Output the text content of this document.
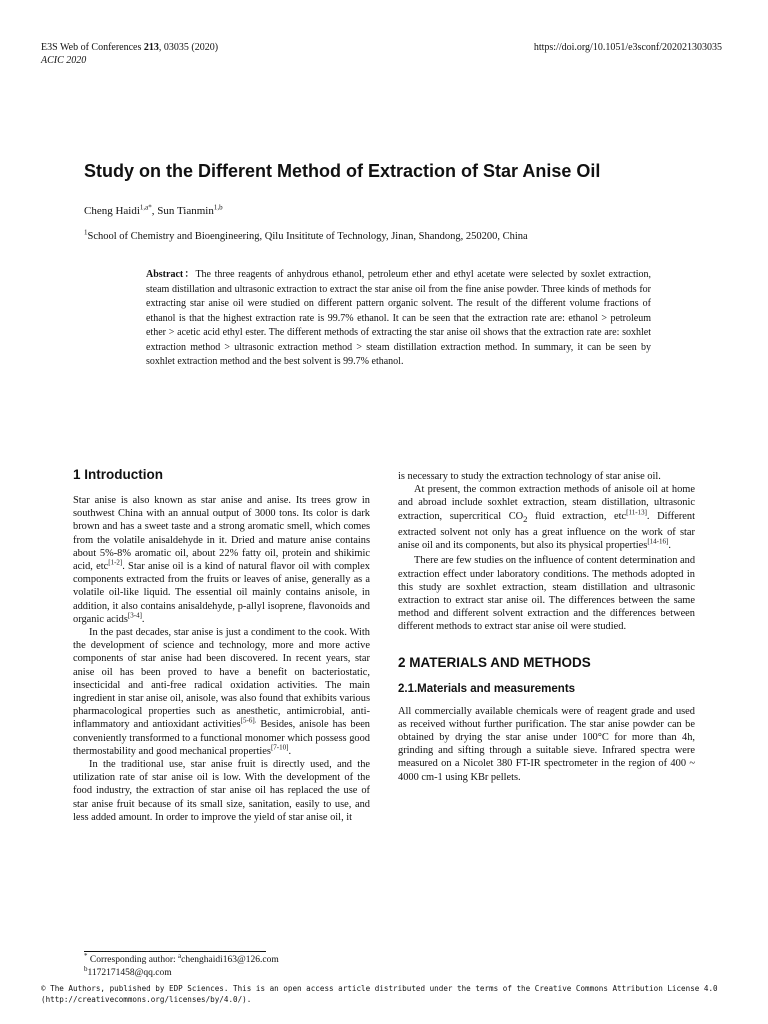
E3S Web of Conferences 213, 03035 (2020)
ACIC 2020
https://doi.org/10.1051/e3sconf/202021303035
Study on the Different Method of Extraction of Star Anise Oil
Cheng Haidi$^{1,a*}$, Sun Tianmin$^{1,b}$
$^1$School of Chemistry and Bioengineering, Qilu Insititute of Technology, Jinan, Shandong, 250200, China

Abstract：The three reagents of anhydrous ethanol, petroleum ether and ethyl acetate were selected by soxlet extraction, steam distillation and ultrasonic extraction to extract the star anise oil from the fine anise powder. Three kinds of methods for extracting star anise oil were studied on different pattern organic solvent. The result of the different volume fractions of ethanol is that the highest extraction rate is 99.7% ethanol. It can be seen that the extraction rate are: ethanol > petroleum ether > acetic acid ethyl ester. The different methods of extracting the star anise oil shows that the extraction rate are: soxhlet extraction method > ultrasonic extraction method > steam distillation extraction method. In summary, it can be seen by soxhlet extraction method and the best solvent is 99.7% ethanol.

1 Introduction

Star anise is also known as star anise and anise. Its trees grow in southwest China with an annual output of 3000 tons. Its color is dark brown and has a sweet taste and a strong aromatic smell, which comes from the volatile anisaldehyde in it. Dried and mature anise contains about 5%-8% aromatic oil, about 22% fatty oil, protein and shikimic acid, etc[1-2]. Star anise oil is a kind of natural flavor oil with complex components extracted from the fruits or leaves of anise, generally as a volatile oil-like liquid. The essential oil mainly contains anisole, in addition, it also contains anisaldehyde, p-allyl isoprene, flavonoids and organic acids[3-4].

In the past decades, star anise is just a condiment to the cook. With the development of science and technology, more and more active components of star anise had been discovered. In recent years, star anise oil has been proved to have a benefit on bacteriostatic, insecticidal and anti-free radical oxidation activities. The main ingredient in star anise oil, anisole, was also found that exhibits various pharmacological properties such as anesthetic, antimicrobial, anti-inflammatory and antioxidant activities$^{[5-6].}$ Besides, anisole has been conveniently transformed to a functional monomer which possess good thermostability and good mechanical properties[7-10].

In the traditional use, star anise fruit is directly used, and the utilization rate of star anise oil is low. With the development of the food industry, the extraction of star anise oil has replaced the use of star anise fruit because of its small size, sanitation, easily to use, and less added amount. In order to improve the yield of star anise oil, it

is necessary to study the extraction technology of star anise oil.

At present, the common extraction methods of anisole oil at home and abroad include soxhlet extraction, steam distillation, ultrasonic extraction, supercritical $CO_2$ fluid extraction, etc[11-13]. Different extracted solvent not only has a great influence on the work of star anise oil and its components, but also its physical properties[14-16].

There are few studies on the influence of content determination and extraction effect under laboratory conditions. The methods adopted in this study are soxhlet extraction, steam distillation and ultrasonic extraction to extract star anise oil. The differences between the same method and different solvent extraction and the differences between different methods to extract star anise oil were studied.

2 MATERIALS AND METHODS
2.1.Materials and measurements

All commercially available chemicals were of reagent grade and used as received without further purification. The star anise powder can be obtained by drying the star anise under 100°C for more than 4h, grinding and sifting through a suitable sieve. Infrared spectra were measured on a Nicolet 380 FT-IR spectrometer in the region of 400 ~ 4000 cm-1 using KBr pellets.

* Corresponding author: $^a$chenghaidi163@126.com
$^b$1172171458@qq.com

© The Authors, published by EDP Sciences. This is an open access article distributed under the terms of the Creative Commons Attribution License 4.0
(http://creativecommons.org/licenses/by/4.0/).
